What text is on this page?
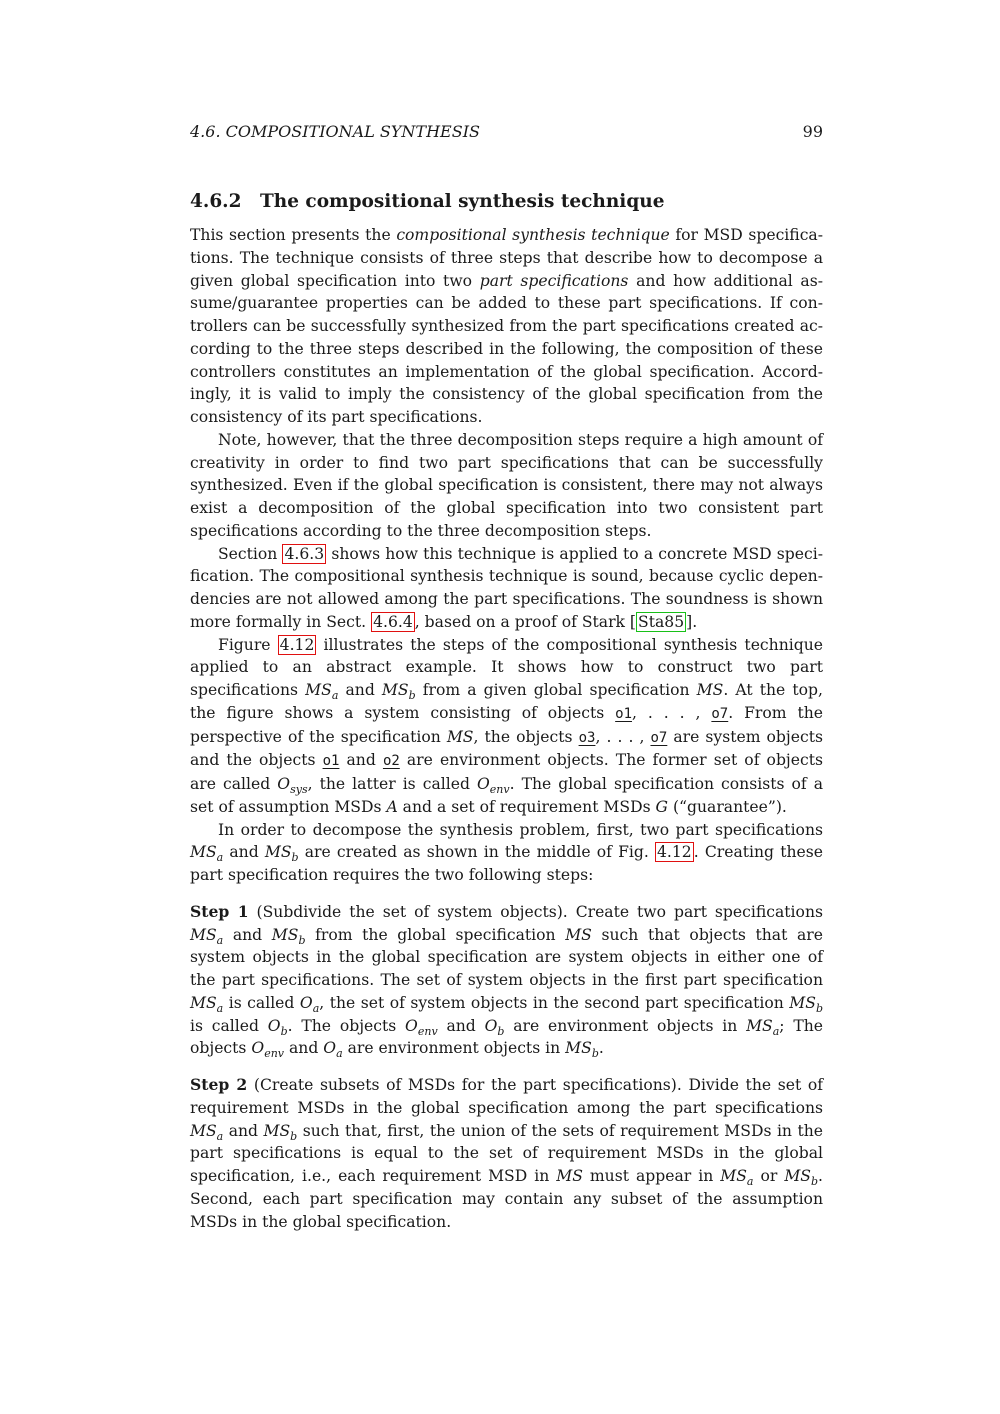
4.6. COMPOSITIONAL SYNTHESIS	99
4.6.2 The compositional synthesis technique

This section presents the compositional synthesis technique for MSD specifications. The technique consists of three steps that describe how to decompose a given global specification into two part specifications and how additional assume/guarantee properties can be added to these part specifications. If controllers can be successfully synthesized from the part specifications created according to the three steps described in the following, the composition of these controllers constitutes an implementation of the global specification. Accordingly, it is valid to imply the consistency of the global specification from the consistency of its part specifications.

Note, however, that the three decomposition steps require a high amount of creativity in order to find two part specifications that can be successfully synthesized. Even if the global specification is consistent, there may not always exist a decomposition of the global specification into two consistent part specifications according to the three decomposition steps.

Section 4.6.3 shows how this technique is applied to a concrete MSD specification. The compositional synthesis technique is sound, because cyclic dependencies are not allowed among the part specifications. The soundness is shown more formally in Sect. 4.6.4 , based on a proof of Stark [ Sta85 ].

Figure 4.12 illustrates the steps of the compositional synthesis technique applied to an abstract example. It shows how to construct two part specifications $MS_a$ and $MS_b$ from a given global specification MS. At the top, the figure shows a system consisting of objects o1, . . . , o7. From the perspective of the specification MS, the objects o3, . . . , o7 are system objects and the objects o1 and o2 are environment objects. The former set of objects are called $O_{sys}$, the latter is called $O_{env}$. The global specification consists of a set of assumption MSDs A and a set of requirement MSDs G (“guarantee”).

In order to decompose the synthesis problem, first, two part specifications $MS_a$ and $MS_b$ are created as shown in the middle of Fig. 4.12 . Creating these part specification requires the two following steps:

Step 1 (Subdivide the set of system objects). Create two part specifications $MS_a$ and $MS_b$ from the global specification MS such that objects that are system objects in the global specification are system objects in either one of the part specifications. The set of system objects in the first part specification $MS_a$ is called $O_a$, the set of system objects in the second part specification $MS_b$ is called $O_b$. The objects $O_{env}$ and $O_b$ are environment objects in $MS_a$; The objects $O_{env}$ and $O_a$ are environment objects in $MS_b$.

Step 2 (Create subsets of MSDs for the part specifications). Divide the set of requirement MSDs in the global specification among the part specifications $MS_a$ and $MS_b$ such that, first, the union of the sets of requirement MSDs in the part specifications is equal to the set of requirement MSDs in the global specification, i.e., each requirement MSD in MS must appear in $MS_a$ or $MS_b$. Second, each part specification may contain any subset of the assumption MSDs in the global specification.
